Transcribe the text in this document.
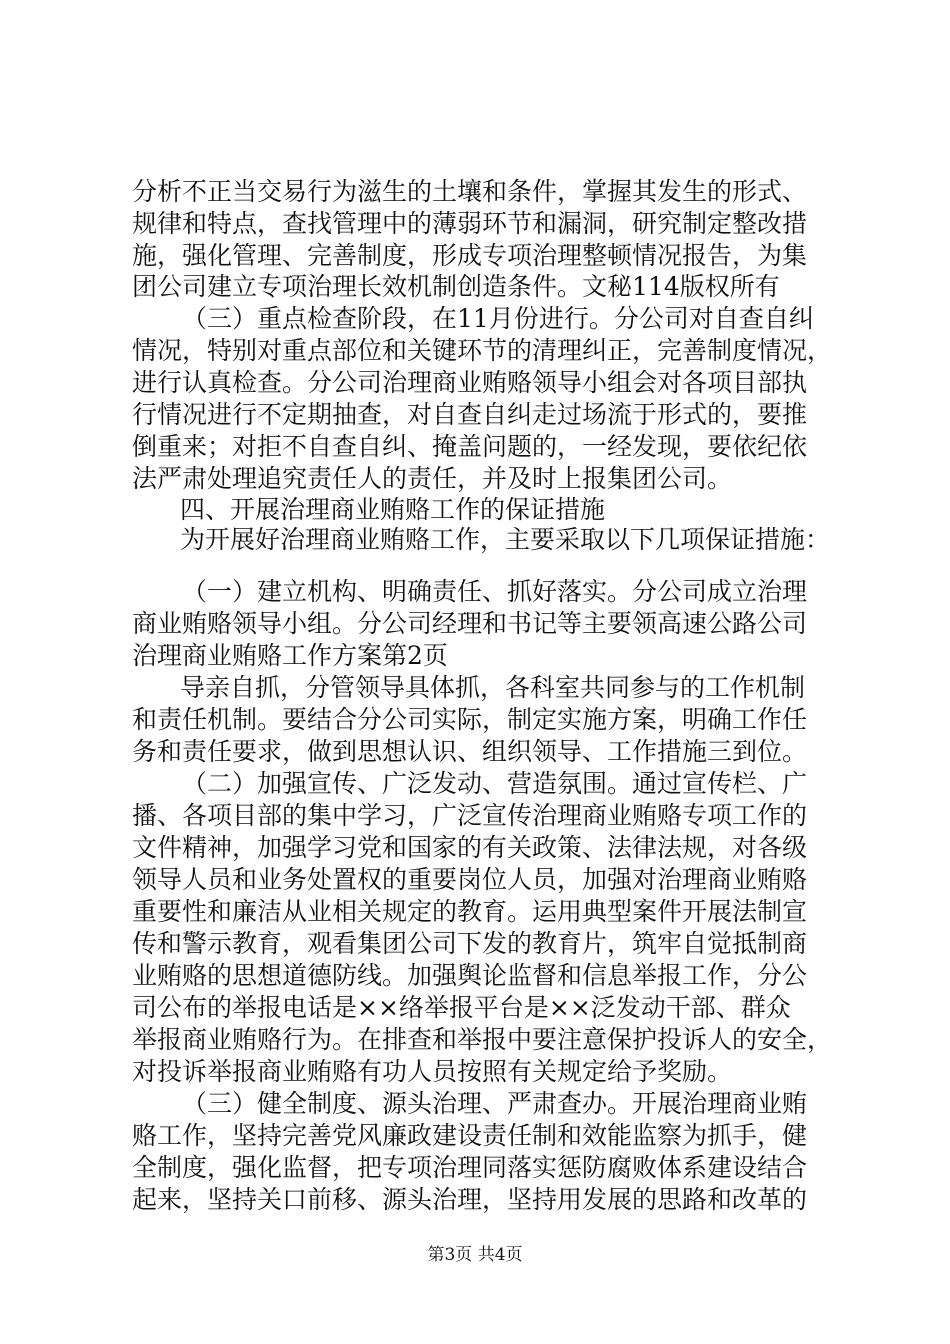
分析不正当交易行为滋生的土壤和条件，掌握其发生的形式、
规律和特点，查找管理中的薄弱环节和漏洞，研究制定整改措
施，强化管理、完善制度，形成专项治理整顿情况报告，为集
团公司建立专项治理长效机制创造条件。文秘114版权所有
（三）重点检查阶段，在11月份进行。分公司对自查自纠
情况，特别对重点部位和关键环节的清理纠正，完善制度情况，
进行认真检查。分公司治理商业贿赂领导小组会对各项目部执
行情况进行不定期抽查，对自查自纠走过场流于形式的，要推
倒重来；对拒不自查自纠、掩盖问题的，一经发现，要依纪依
法严肃处理追究责任人的责任，并及时上报集团公司。
四、开展治理商业贿赂工作的保证措施
为开展好治理商业贿赂工作，主要采取以下几项保证措施：
（一）建立机构、明确责任、抓好落实。分公司成立治理
商业贿赂领导小组。分公司经理和书记等主要领高速公路公司
治理商业贿赂工作方案第2页
导亲自抓，分管领导具体抓，各科室共同参与的工作机制
和责任机制。要结合分公司实际，制定实施方案，明确工作任
务和责任要求，做到思想认识、组织领导、工作措施三到位。
（二）加强宣传、广泛发动、营造氛围。通过宣传栏、广
播、各项目部的集中学习，广泛宣传治理商业贿赂专项工作的
文件精神，加强学习党和国家的有关政策、法律法规，对各级
领导人员和业务处置权的重要岗位人员，加强对治理商业贿赂
重要性和廉洁从业相关规定的教育。运用典型案件开展法制宣
传和警示教育，观看集团公司下发的教育片，筑牢自觉抵制商
业贿赂的思想道德防线。加强舆论监督和信息举报工作，分公
司公布的举报电话是××络举报平台是××泛发动干部、群众
举报商业贿赂行为。在排查和举报中要注意保护投诉人的安全，
对投诉举报商业贿赂有功人员按照有关规定给予奖励。
（三）健全制度、源头治理、严肃查办。开展治理商业贿
赂工作，坚持完善党风廉政建设责任制和效能监察为抓手，健
全制度，强化监督，把专项治理同落实惩防腐败体系建设结合
起来，坚持关口前移、源头治理，坚持用发展的思路和改革的
第3页 共4页
